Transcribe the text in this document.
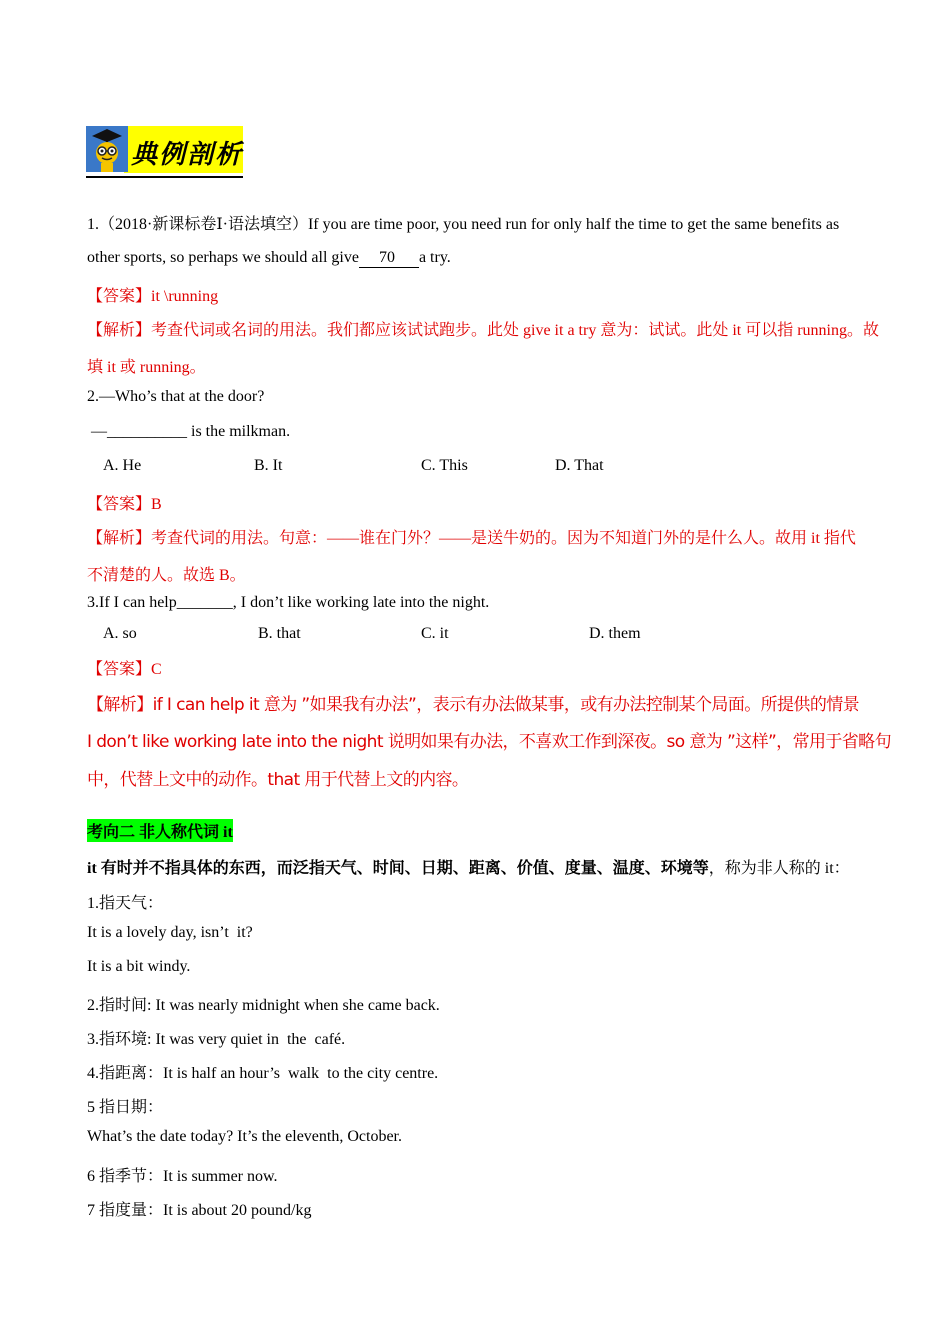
典例剖析
1.（2018·新课标卷Ⅰ·语法填空）If you are time poor, you need run for only half the time to get the same benefits as
other sports, so perhaps we should all give 70 a try.
【答案】it \running
【解析】考查代词或名词的用法。我们都应该试试跑步。此处 give it a try 意为：试试。此处 it 可以指 running。故
填 it 或 running。
2.—Who’s that at the door?
—__________ is the milkman.
A. He	B. It	C. This	D. That
【答案】B
【解析】考查代词的用法。句意：——谁在门外？——是送牛奶的。因为不知道门外的是什么人。故用 it 指代
不清楚的人。故选 B。
3.If I can help_______, I don’t like working late into the night.
A. so	B. that	C. it	D. them
【答案】C
【解析】if I can help it 意为 ”如果我有办法”，表示有办法做某事，或有办法控制某个局面。所提供的情景
I don’t like working late into the night 说明如果有办法，不喜欢工作到深夜。so 意为 ”这样”，常用于省略句
中，代替上文中的动作。that 用于代替上文的内容。
考向二 非人称代词 it
it 有时并不指具体的东西，而泛指天气、时间、日期、距离、价值、度量、温度、环境等，称为非人称的 it：
1.指天气：
It is a lovely day, isn’t  it?
It is a bit windy.
2.指时间: It was nearly midnight when she came back.
3.指环境: It was very quiet in  the  café.
4.指距离：It is half an hour’s  walk  to the city centre.
5 指日期：
What’s the date today? It’s the eleventh, October.
6 指季节：It is summer now.
7 指度量：It is about 20 pound/kg
